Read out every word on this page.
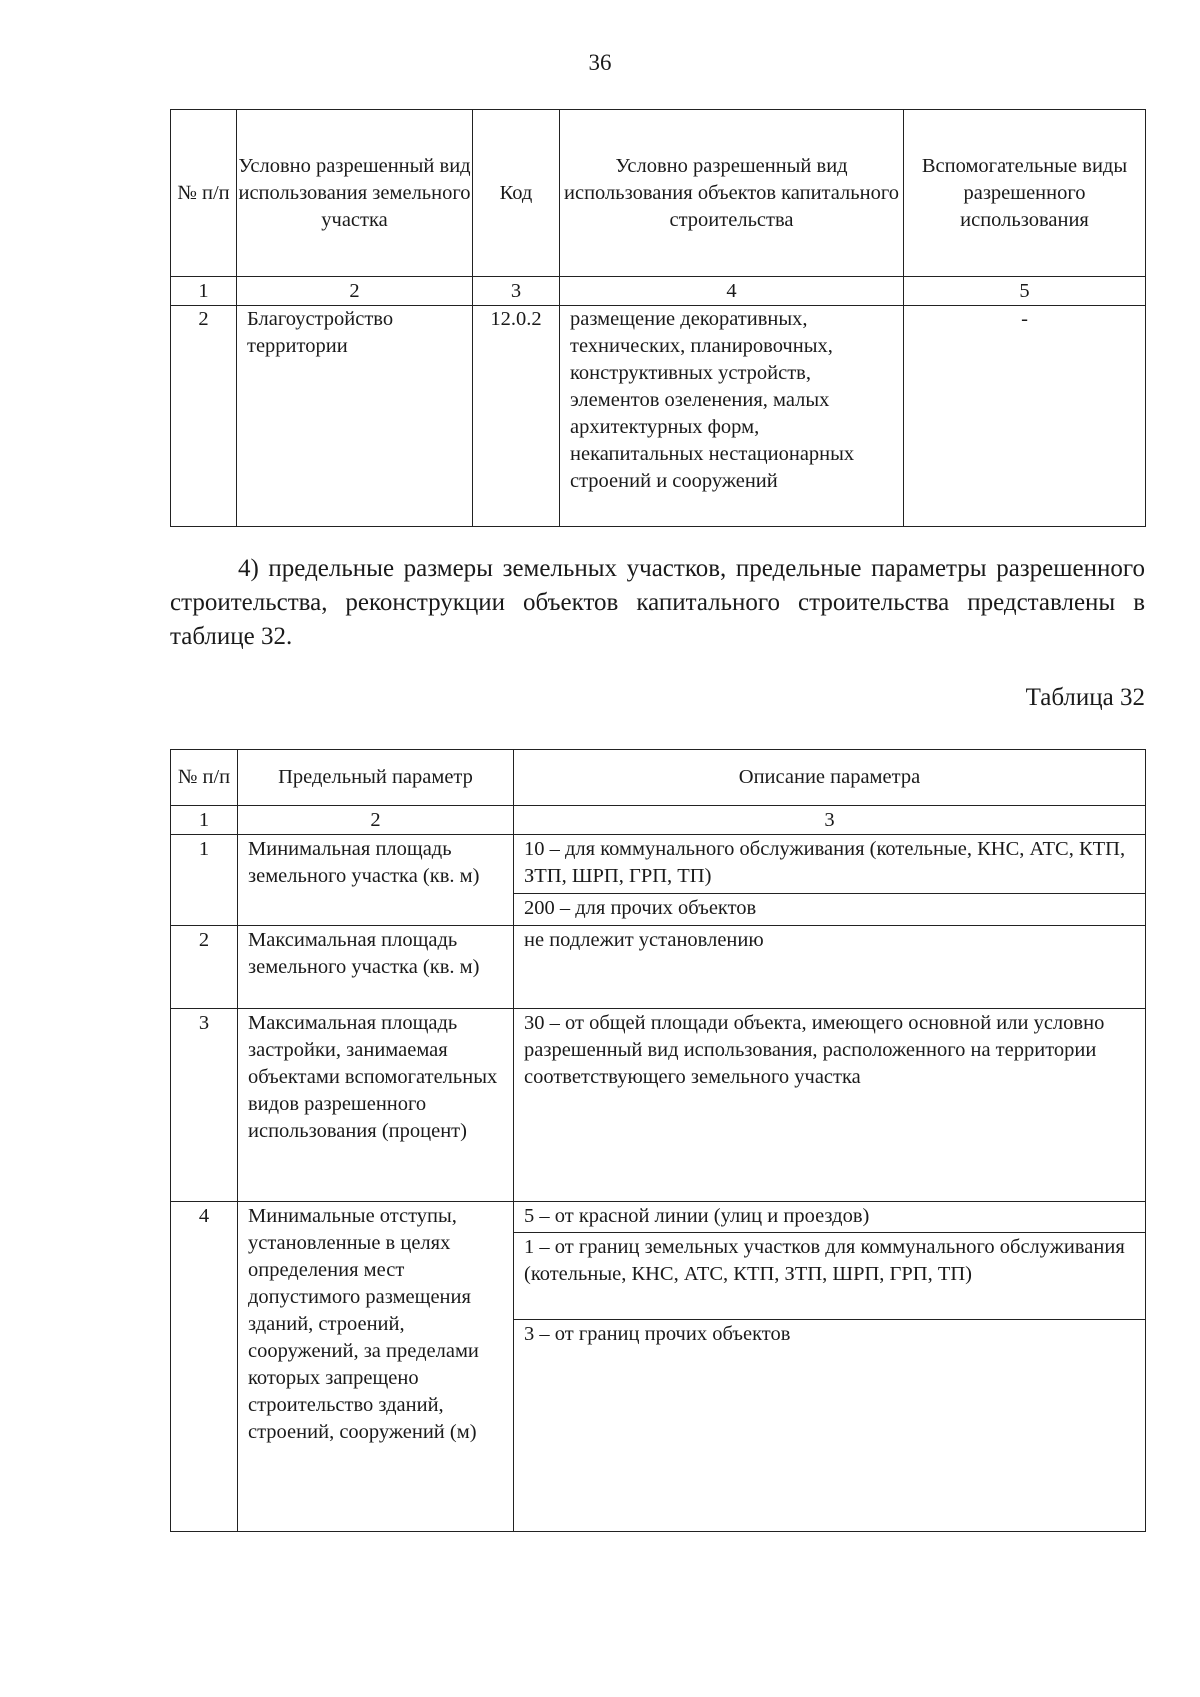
36
№ п/п	Условно разрешенный вид использования земельного участка	Код	Условно разрешенный вид использования объектов капитального строительства	Вспомогательные виды разрешенного использования
1	2	3	4	5
2	Благоустройство территории	12.0.2	размещение декоративных, технических, планировочных, конструктивных устройств, элементов озеленения, малых архитектурных форм, некапитальных нестационарных строений и сооружений	-
4) предельные размеры земельных участков, предельные параметры разрешенного строительства, реконструкции объектов капитального строительства представлены в таблице 32.
Таблица 32
№ п/п	Предельный параметр	Описание параметра
1	2	3
1	Минимальная площадь земельного участка (кв. м)	10 – для коммунального обслуживания (котельные, КНС, АТС, КТП, ЗТП, ШРП, ГРП, ТП)
200 – для прочих объектов

2	Максимальная площадь земельного участка (кв. м)	не подлежит установлению
3	Максимальная площадь застройки, занимаемая объектами вспомогательных видов разрешенного использования (процент)	30 – от общей площади объекта, имеющего основной или условно разрешенный вид использования, расположенного на территории соответствующего земельного участка
4	Минимальные отступы, установленные в целях определения мест допустимого размещения зданий, строений, сооружений, за пределами которых запрещено строительство зданий, строений, сооружений (м)	5 – от красной линии (улиц и проездов)
1 – от границ земельных участков для коммунального обслуживания (котельные, КНС, АТС, КТП, ЗТП, ШРП, ГРП, ТП)
3 – от границ прочих объектов
